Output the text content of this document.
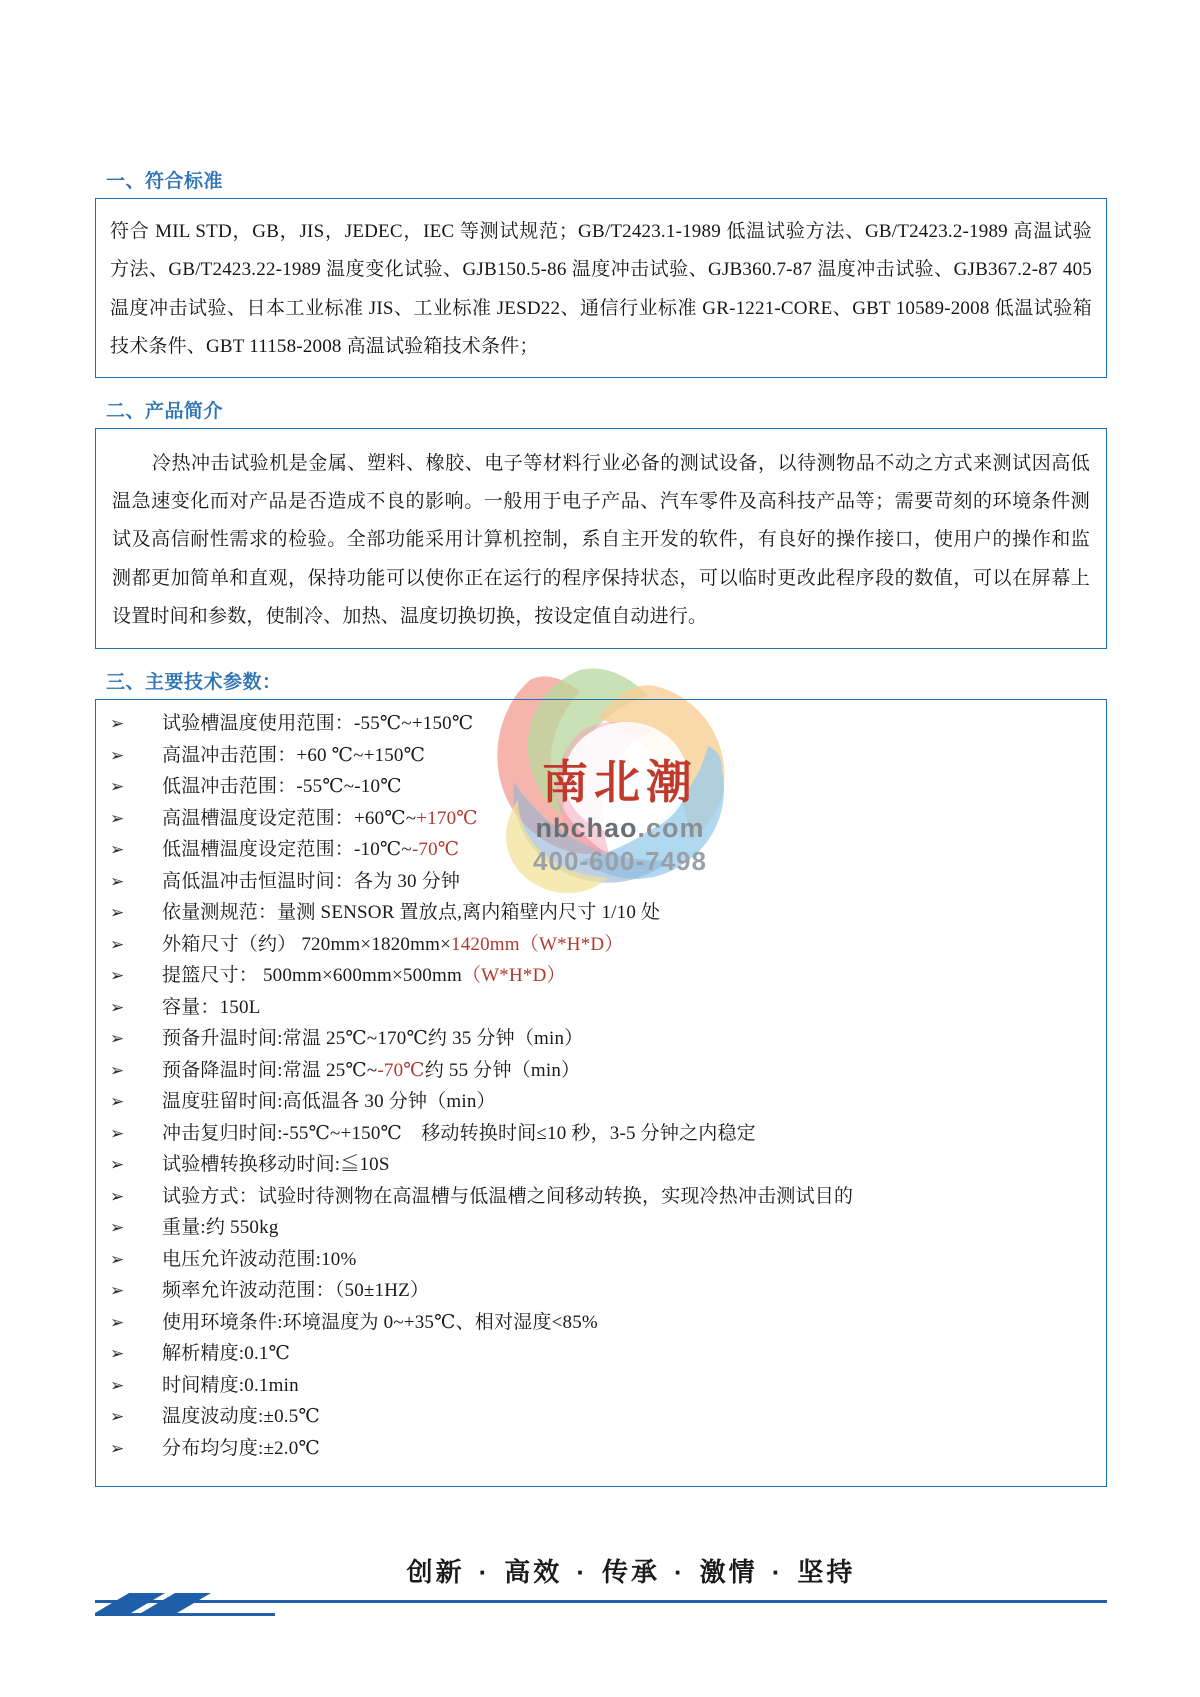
南北潮
nbchao.com
400-600-7498
一、符合标准

符合 MIL STD，GB，JIS，JEDEC，IEC 等测试规范；GB/T2423.1-1989 低温试验方法、GB/T2423.2-1989 高温试验方法、GB/T2423.22-1989 温度变化试验、GJB150.5-86 温度冲击试验、GJB360.7-87 温度冲击试验、GJB367.2-87 405 温度冲击试验、日本工业标准 JIS、工业标准 JESD22、通信行业标准 GR-1221-CORE、GBT 10589-2008 低温试验箱技术条件、GBT 11158-2008 高温试验箱技术条件；

二、产品简介

冷热冲击试验机是金属、塑料、橡胶、电子等材料行业必备的测试设备，以待测物品不动之方式来测试因高低温急速变化而对产品是否造成不良的影响。一般用于电子产品、汽车零件及高科技产品等；需要苛刻的环境条件测试及高信耐性需求的检验。全部功能采用计算机控制，系自主开发的软件，有良好的操作接口，使用户的操作和监测都更加简单和直观，保持功能可以使你正在运行的程序保持状态，可以临时更改此程序段的数值，可以在屏幕上设置时间和参数，使制冷、加热、温度切换切换，按设定值自动进行。

三、主要技术参数：
➢	试验槽温度使用范围：-55℃~+150℃
➢	高温冲击范围：+60 ℃~+150℃
➢	低温冲击范围：-55℃~-10℃
➢	高温槽温度设定范围：+60℃~+170℃
➢	低温槽温度设定范围：-10℃~-70℃
➢	高低温冲击恒温时间：各为 30 分钟
➢	依量测规范：量测 SENSOR 置放点,离内箱壁内尺寸 1/10 处
➢	外箱尺寸（约） 720mm×1820mm×1420mm（W*H*D）
➢	提篮尺寸： 500mm×600mm×500mm（W*H*D）
➢	容量：150L
➢	预备升温时间:常温 25℃~170℃约 35 分钟（min）
➢	预备降温时间:常温 25℃~-70℃约 55 分钟（min）
➢	温度驻留时间:高低温各 30 分钟（min）
➢	冲击复归时间:-55℃~+150℃　移动转换时间≤10 秒，3-5 分钟之内稳定
➢	试验槽转换移动时间:≦10S
➢	试验方式：试验时待测物在高温槽与低温槽之间移动转换，实现冷热冲击测试目的
➢	重量:约 550kg
➢	电压允许波动范围:10%
➢	频率允许波动范围：（50±1HZ）
➢	使用环境条件:环境温度为 0~+35℃、相对湿度<85%
➢	解析精度:0.1℃
➢	时间精度:0.1min
➢	温度波动度:±0.5℃
➢	分布均匀度:±2.0℃
创新 · 高效 · 传承 · 激情 · 坚持
